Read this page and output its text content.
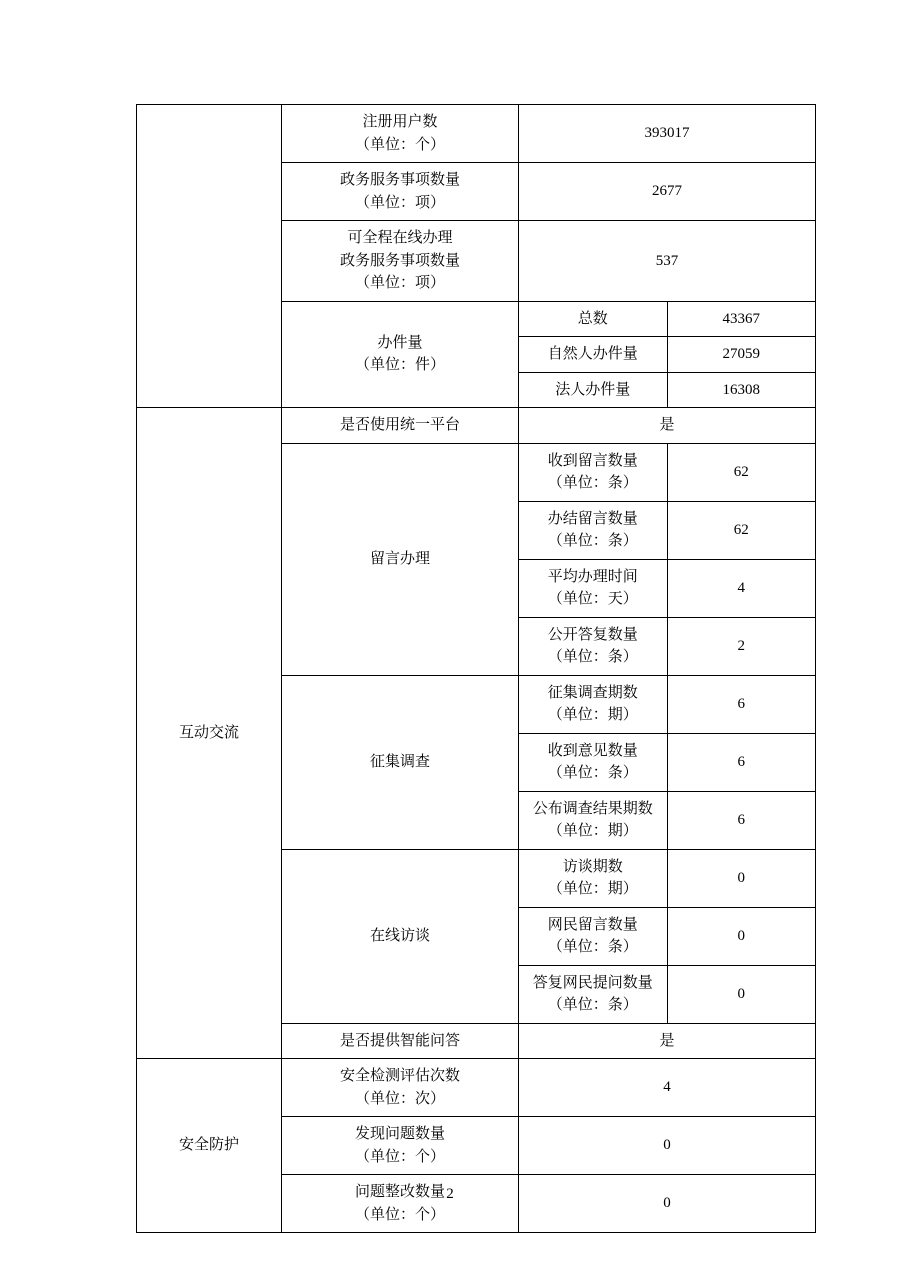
	注册用户数
（单位：个）	393017	

	政务服务事项数量
（单位：项）	2677	

	可全程在线办理
政务服务事项数量
（单位：项）	537	

	办件量
（单位：件）	总数	43367
		自然人办件量	27059
		法人办件量	16308
互动交流	是否使用统一平台	是	

	留言办理	收到留言数量
（单位：条）	62

		办结留言数量
（单位：条）	62

		平均办理时间
（单位：天）	4

		公开答复数量
（单位：条）	2

	征集调查	征集调查期数
（单位：期）	6

		收到意见数量
（单位：条）	6

		公布调查结果期数
（单位：期）	6

	在线访谈	访谈期数
（单位：期）	0

		网民留言数量
（单位：条）	0

		答复网民提问数量
（单位：条）	0

	是否提供智能问答	是	
安全防护	安全检测评估次数
（单位：次）	4	

	发现问题数量
（单位：个）	0	

	问题整改数量
（单位：个）	0	
2
